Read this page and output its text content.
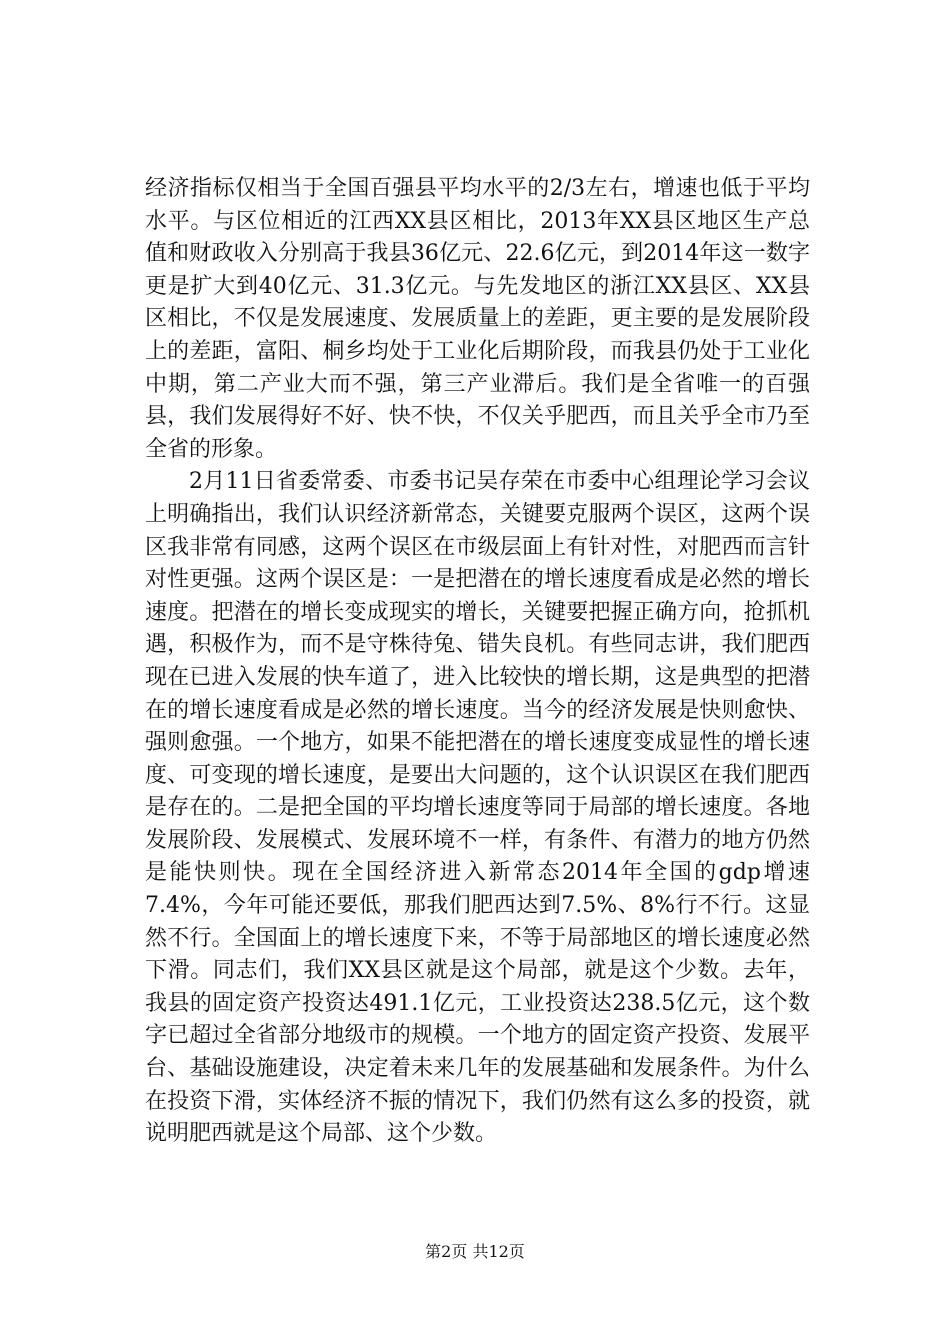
经济指标仅相当于全国百强县平均水平的2/3左右，增速也低于平均水平。与区位相近的江西XX县区相比，2013年XX县区地区生产总值和财政收入分别高于我县36亿元、22.6亿元，到2014年这一数字更是扩大到40亿元、31.3亿元。与先发地区的浙江XX县区、XX县区相比，不仅是发展速度、发展质量上的差距，更主要的是发展阶段上的差距，富阳、桐乡均处于工业化后期阶段，而我县仍处于工业化中期，第二产业大而不强，第三产业滞后。我们是全省唯一的百强县，我们发展得好不好、快不快，不仅关乎肥西，而且关乎全市乃至全省的形象。

2月11日省委常委、市委书记吴存荣在市委中心组理论学习会议上明确指出，我们认识经济新常态，关键要克服两个误区，这两个误区我非常有同感，这两个误区在市级层面上有针对性，对肥西而言针对性更强。这两个误区是：一是把潜在的增长速度看成是必然的增长速度。把潜在的增长变成现实的增长，关键要把握正确方向，抢抓机遇，积极作为，而不是守株待兔、错失良机。有些同志讲，我们肥西现在已进入发展的快车道了，进入比较快的增长期，这是典型的把潜在的增长速度看成是必然的增长速度。当今的经济发展是快则愈快、强则愈强。一个地方，如果不能把潜在的增长速度变成显性的增长速度、可变现的增长速度，是要出大问题的，这个认识误区在我们肥西是存在的。二是把全国的平均增长速度等同于局部的增长速度。各地发展阶段、发展模式、发展环境不一样，有条件、有潜力的地方仍然是能快则快。现在全国经济进入新常态2014年全国的gdp增速7.4%，今年可能还要低，那我们肥西达到7.5%、8%行不行。这显然不行。全国面上的增长速度下来，不等于局部地区的增长速度必然下滑。同志们，我们XX县区就是这个局部，就是这个少数。去年，我县的固定资产投资达491.1亿元，工业投资达238.5亿元，这个数字已超过全省部分地级市的规模。一个地方的固定资产投资、发展平台、基础设施建设，决定着未来几年的发展基础和发展条件。为什么在投资下滑，实体经济不振的情况下，我们仍然有这么多的投资，就说明肥西就是这个局部、这个少数。

第2页 共12页
